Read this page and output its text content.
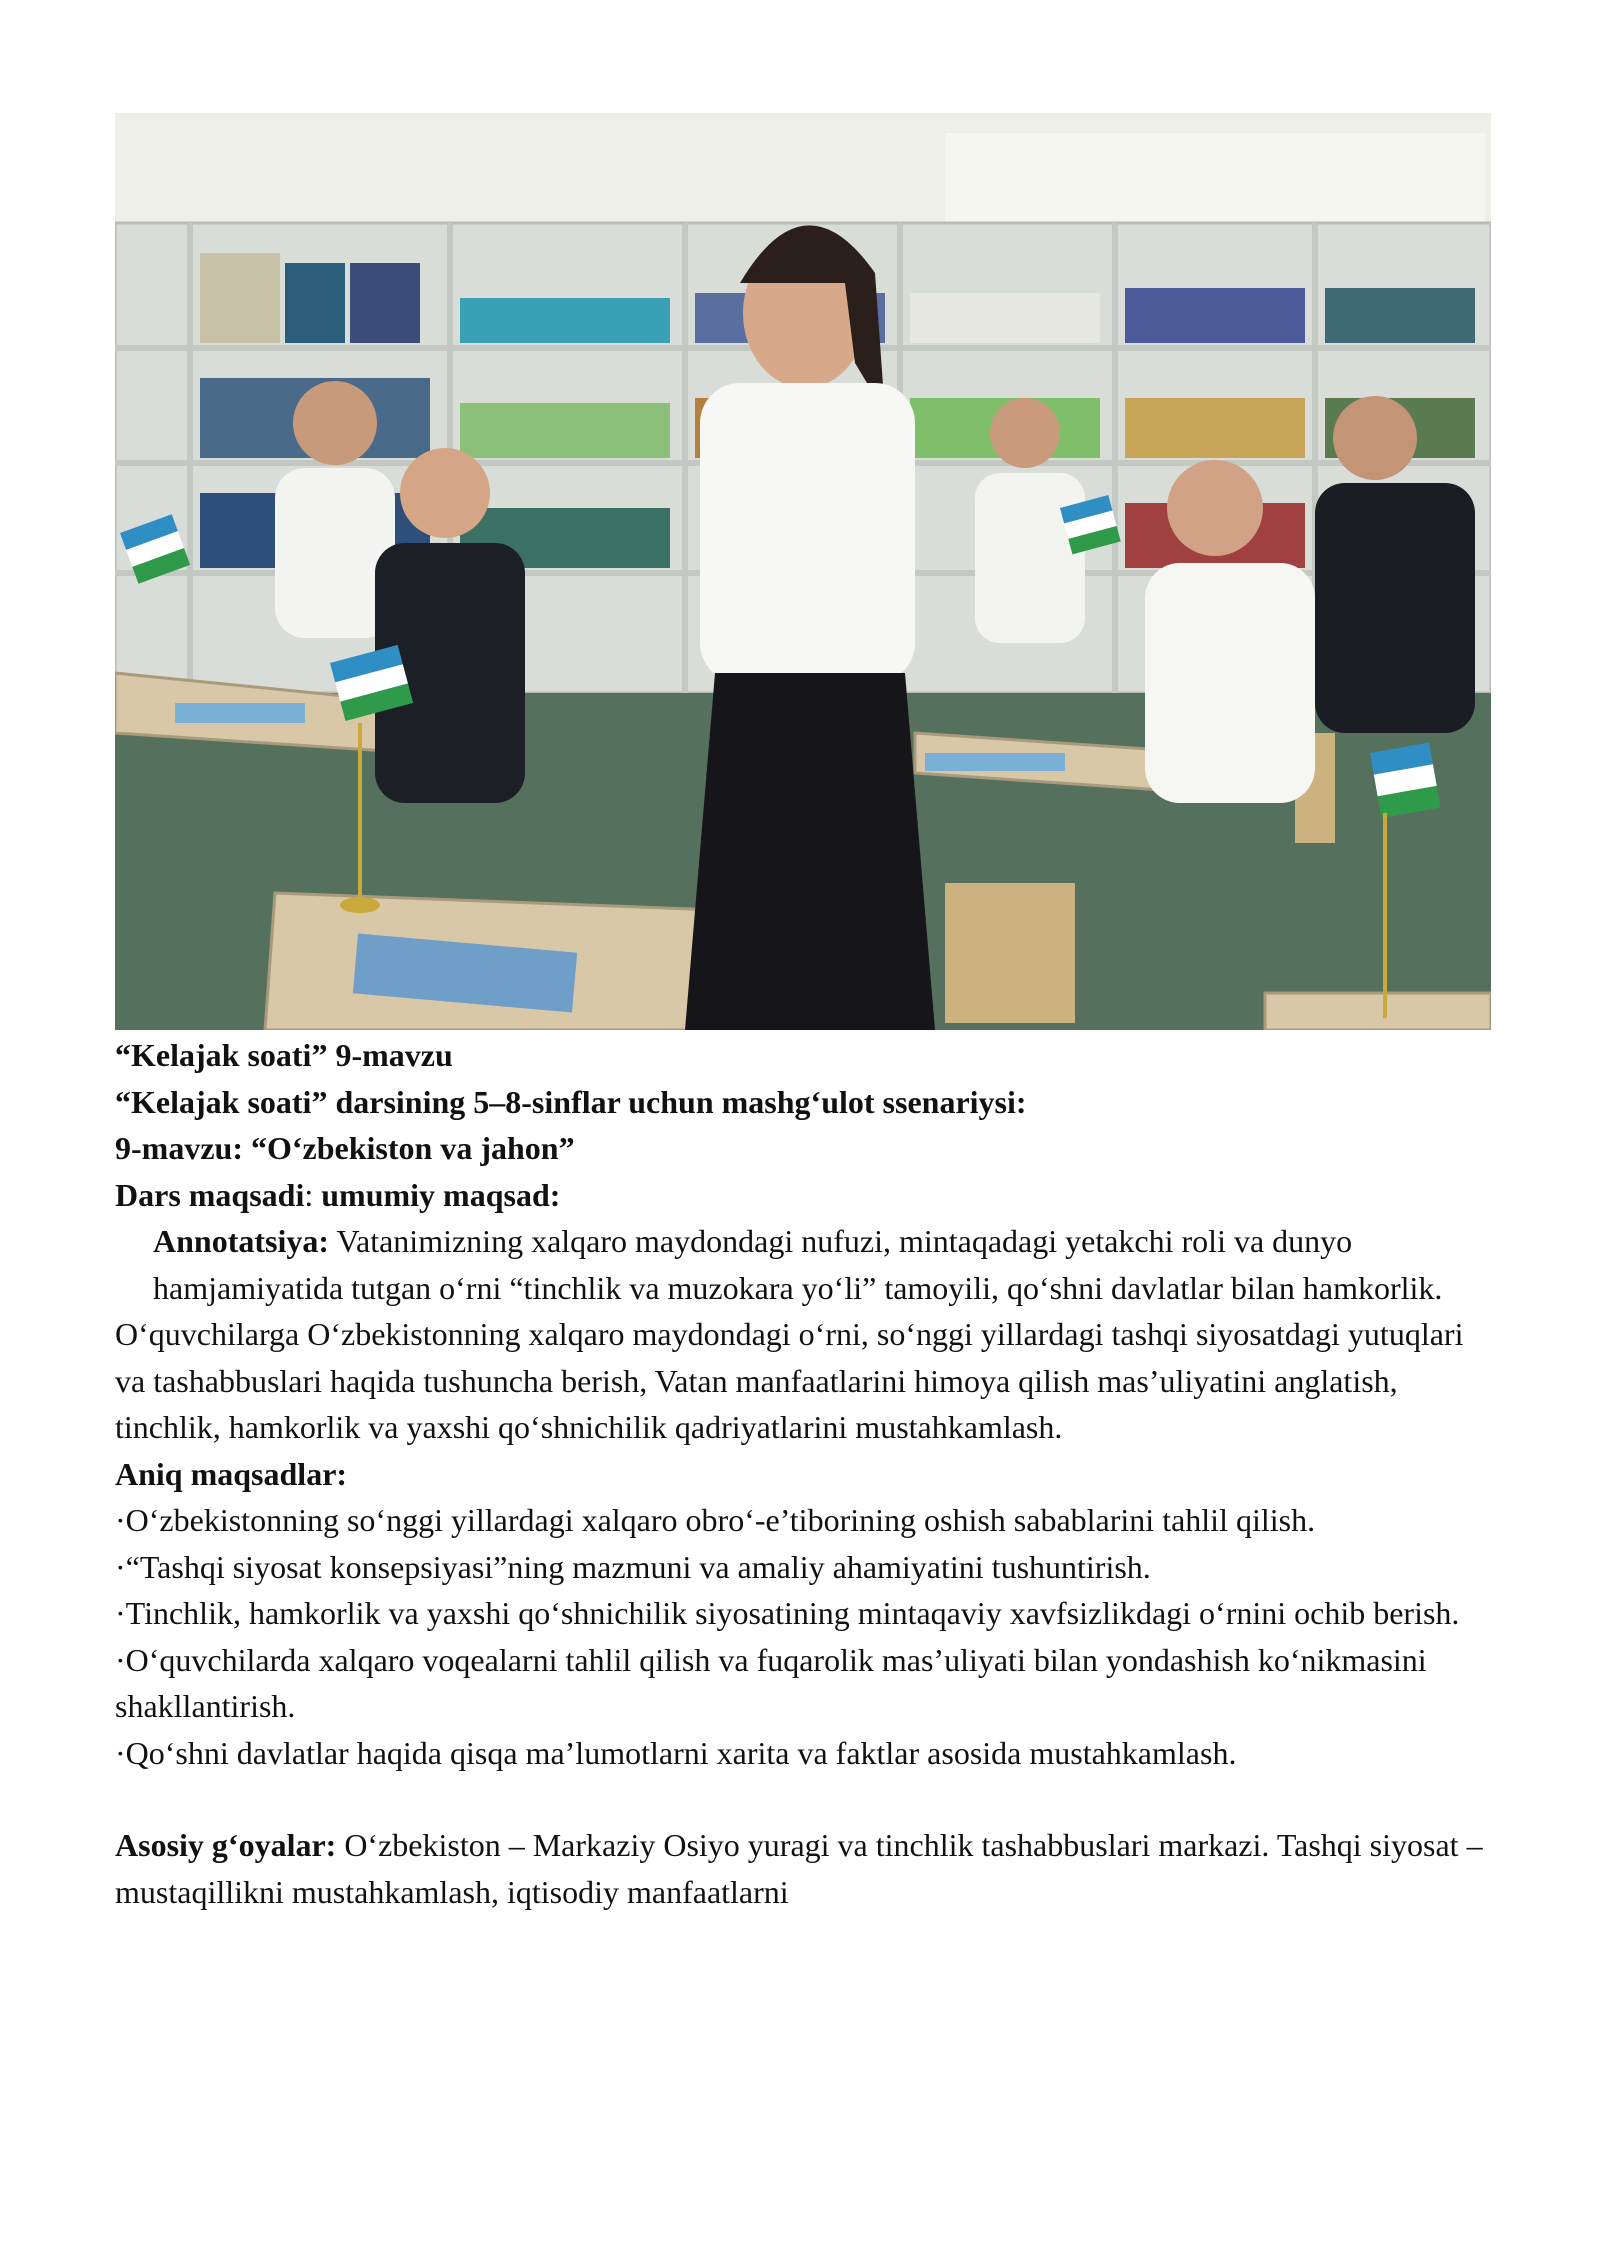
“Kelajak soati” 9-mavzu

“Kelajak soati” darsining 5–8-sinflar uchun mashg‘ulot ssenariysi:

9-mavzu: “O‘zbekiston va jahon”

Dars maqsadi: umumiy maqsad:

Annotatsiya: Vatanimizning xalqaro maydondagi nufuzi, mintaqadagi yetakchi roli va dunyo hamjamiyatida tutgan o‘rni “tinchlik va muzokara yo‘li” tamoyili, qo‘shni davlatlar bilan hamkorlik.

O‘quvchilarga O‘zbekistonning xalqaro maydondagi o‘rni, so‘nggi yillardagi tashqi siyosatdagi yutuqlari va tashabbuslari haqida tushuncha berish, Vatan manfaatlarini himoya qilish mas’uliyatini anglatish, tinchlik, hamkorlik va yaxshi qo‘shnichilik qadriyatlarini mustahkamlash.

Aniq maqsadlar:

·O‘zbekistonning so‘nggi yillardagi xalqaro obro‘-e’tiborining oshish sabablarini tahlil qilish.

·“Tashqi siyosat konsepsiyasi”ning mazmuni va amaliy ahamiyatini tushuntirish.

·Tinchlik, hamkorlik va yaxshi qo‘shnichilik siyosatining mintaqaviy xavfsizlikdagi o‘rnini ochib berish.

·O‘quvchilarda xalqaro voqealarni tahlil qilish va fuqarolik mas’uliyati bilan yondashish ko‘nikmasini shakllantirish.

·Qo‘shni davlatlar haqida qisqa ma’lumotlarni xarita va faktlar asosida mustahkamlash.

Asosiy g‘oyalar: O‘zbekiston – Markaziy Osiyo yuragi va tinchlik tashabbuslari markazi. Tashqi siyosat – mustaqillikni mustahkamlash, iqtisodiy manfaatlarni
